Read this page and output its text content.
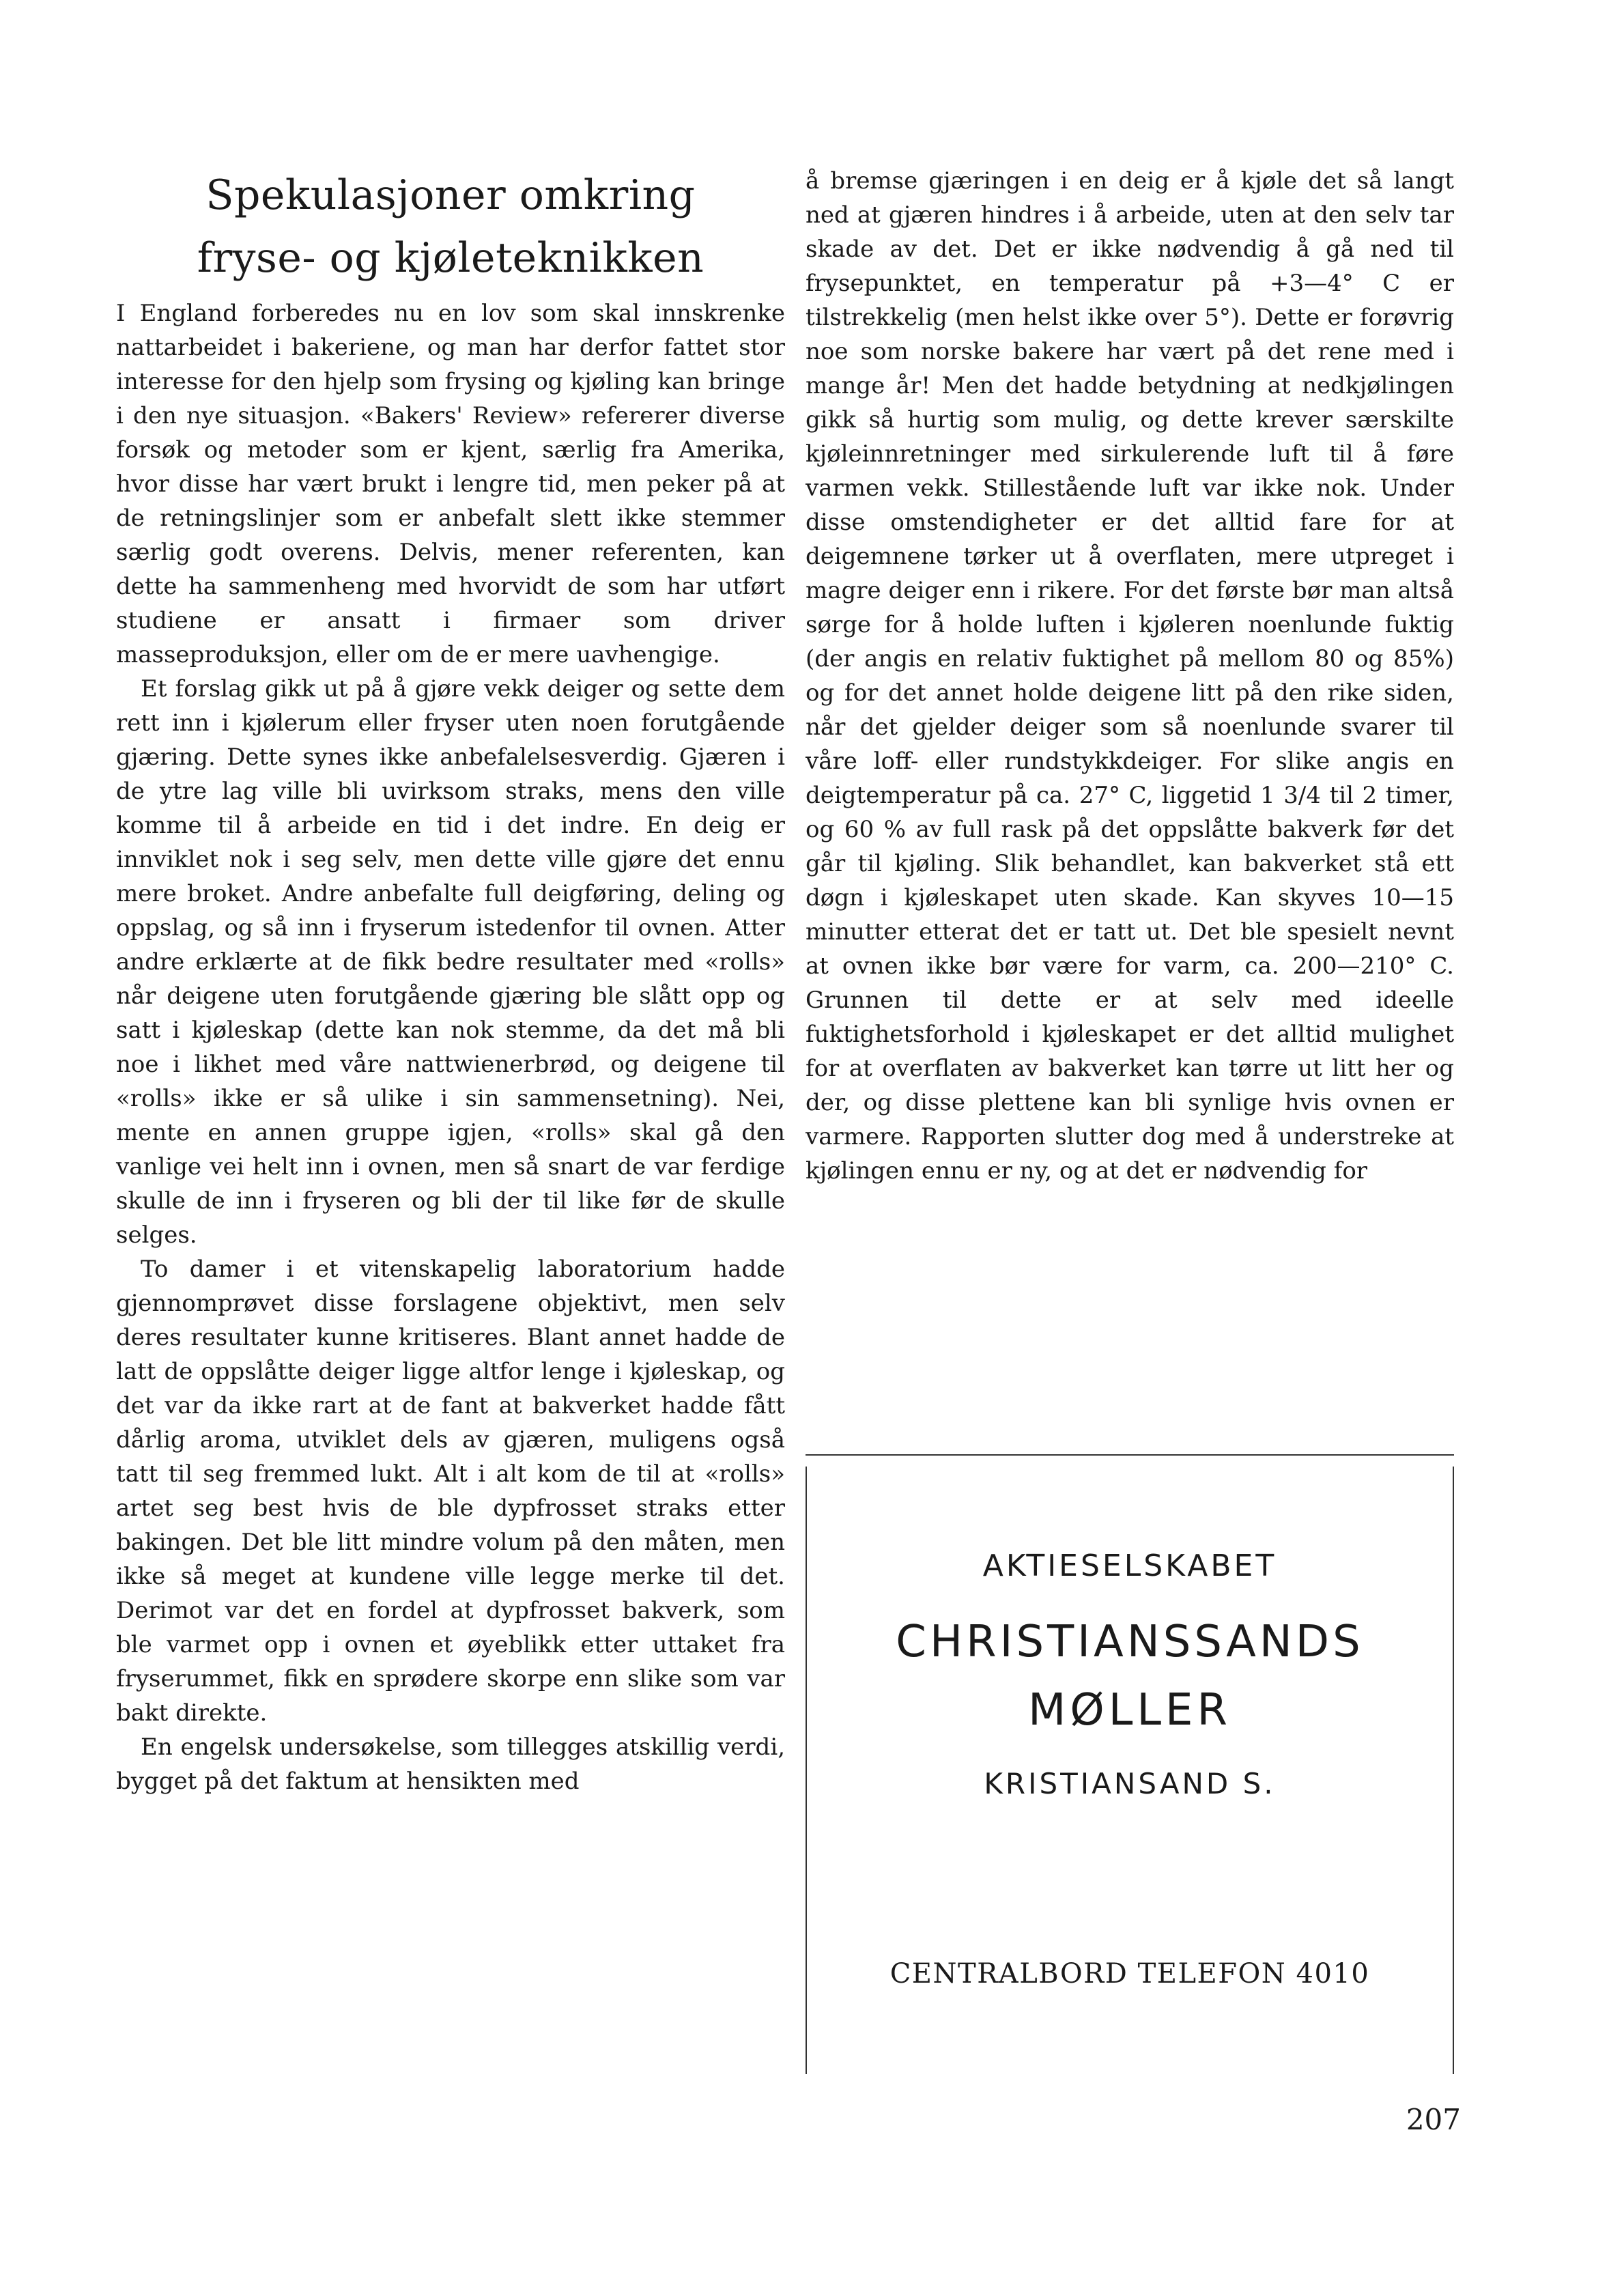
Spekulasjoner omkring
fryse- og kjøleteknikken

I England forberedes nu en lov som skal innskrenke nattarbeidet i bakeriene, og man har derfor fattet stor interesse for den hjelp som frysing og kjøling kan bringe i den nye situasjon. «Bakers' Review» refererer diverse forsøk og metoder som er kjent, særlig fra Amerika, hvor disse har vært brukt i lengre tid, men peker på at de retningslinjer som er anbefalt slett ikke stemmer særlig godt overens. Delvis, mener referenten, kan dette ha sammenheng med hvorvidt de som har utført studiene er ansatt i firmaer som driver masseproduksjon, eller om de er mere uavhengige.

Et forslag gikk ut på å gjøre vekk deiger og sette dem rett inn i kjølerum eller fryser uten noen forutgående gjæring. Dette synes ikke anbefalelsesverdig. Gjæren i de ytre lag ville bli uvirksom straks, mens den ville komme til å arbeide en tid i det indre. En deig er innviklet nok i seg selv, men dette ville gjøre det ennu mere broket. Andre anbefalte full deigføring, deling og oppslag, og så inn i fryserum istedenfor til ovnen. Atter andre erklærte at de fikk bedre resultater med «rolls» når deigene uten forutgående gjæring ble slått opp og satt i kjøleskap (dette kan nok stemme, da det må bli noe i likhet med våre nattwienerbrød, og deigene til «rolls» ikke er så ulike i sin sammensetning). Nei, mente en annen gruppe igjen, «rolls» skal gå den vanlige vei helt inn i ovnen, men så snart de var ferdige skulle de inn i fryseren og bli der til like før de skulle selges.

To damer i et vitenskapelig laboratorium hadde gjennomprøvet disse forslagene objektivt, men selv deres resultater kunne kritiseres. Blant annet hadde de latt de oppslåtte deiger ligge altfor lenge i kjøleskap, og det var da ikke rart at de fant at bakverket hadde fått dårlig aroma, utviklet dels av gjæren, muligens også tatt til seg fremmed lukt. Alt i alt kom de til at «rolls» artet seg best hvis de ble dypfrosset straks etter bakingen. Det ble litt mindre volum på den måten, men ikke så meget at kundene ville legge merke til det. Derimot var det en fordel at dypfrosset bakverk, som ble varmet opp i ovnen et øyeblikk etter uttaket fra fryserummet, fikk en sprødere skorpe enn slike som var bakt direkte.

En engelsk undersøkelse, som tillegges atskillig verdi, bygget på det faktum at hensikten med

å bremse gjæringen i en deig er å kjøle det så langt ned at gjæren hindres i å arbeide, uten at den selv tar skade av det. Det er ikke nødvendig å gå ned til frysepunktet, en temperatur på +3—4° C er tilstrekkelig (men helst ikke over 5°). Dette er forøvrig noe som norske bakere har vært på det rene med i mange år! Men det hadde betydning at nedkjølingen gikk så hurtig som mulig, og dette krever særskilte kjøleinnretninger med sirkulerende luft til å føre varmen vekk. Stillestående luft var ikke nok. Under disse omstendigheter er det alltid fare for at deigemnene tørker ut å overflaten, mere utpreget i magre deiger enn i rikere. For det første bør man altså sørge for å holde luften i kjøleren noenlunde fuktig (der angis en relativ fuktighet på mellom 80 og 85%) og for det annet holde deigene litt på den rike siden, når det gjelder deiger som så noenlunde svarer til våre loff- eller rundstykkdeiger. For slike angis en deigtemperatur på ca. 27° C, liggetid 1 3/4 til 2 timer, og 60 % av full rask på det oppslåtte bakverk før det går til kjøling. Slik behandlet, kan bakverket stå ett døgn i kjøleskapet uten skade. Kan skyves 10—15 minutter etterat det er tatt ut. Det ble spesielt nevnt at ovnen ikke bør være for varm, ca. 200—210° C. Grunnen til dette er at selv med ideelle fuktighetsforhold i kjøleskapet er det alltid mulighet for at overflaten av bakverket kan tørre ut litt her og der, og disse plettene kan bli synlige hvis ovnen er varmere. Rapporten slutter dog med å understreke at kjølingen ennu er ny, og at det er nødvendig for

AKTIESELSKABET
CHRISTIANSSANDS
MØLLER
KRISTIANSAND S.
CENTRALBORD TELEFON 4010
207
